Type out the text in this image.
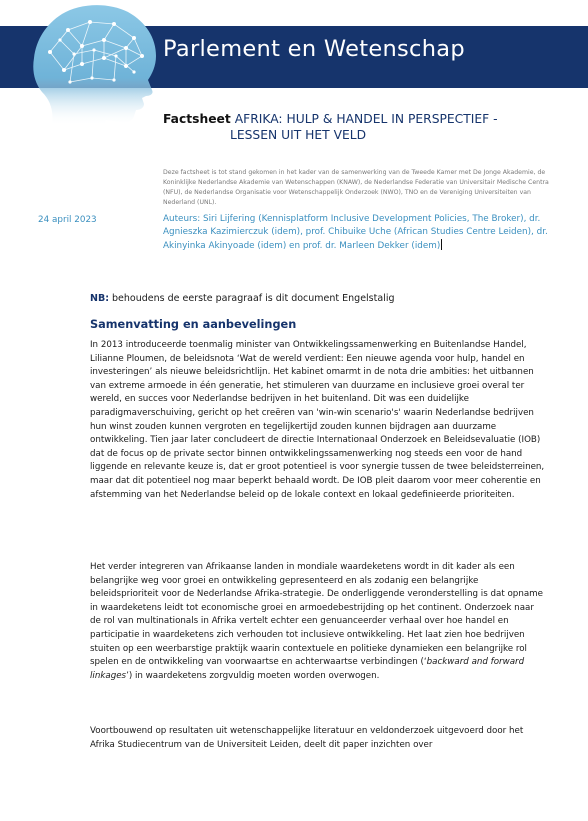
Parlement en Wetenschap
Factsheet AFRIKA: HULP & HANDEL IN PERSPECTIEF -
LESSEN UIT HET VELD
Deze factsheet is tot stand gekomen in het kader van de samenwerking van de Tweede Kamer met De Jonge Akademie, de Koninklijke Nederlandse Akademie van Wetenschappen (KNAW), de Nederlandse Federatie van Universitair Medische Centra (NFU), de Nederlandse Organisatie voor Wetenschappelijk Onderzoek (NWO), TNO en de Vereniging Universiteiten van Nederland (UNL).
24 april 2023	Auteurs: Siri Lijfering (Kennisplatform Inclusive Development Policies, The Broker), dr. Agnieszka Kazimierczuk (idem), prof. Chibuike Uche (African Studies Centre Leiden), dr. Akinyinka Akinyoade (idem) en prof. dr. Marleen Dekker (idem)
NB: behoudens de eerste paragraaf is dit document Engelstalig
Samenvatting en aanbevelingen

In 2013 introduceerde toenmalig minister van Ontwikkelingssamenwerking en Buitenlandse Handel, Lilianne Ploumen, de beleidsnota ‘Wat de wereld verdient: Een nieuwe agenda voor hulp, handel en investeringen’ als nieuwe beleidsrichtlijn. Het kabinet omarmt in de nota drie ambities: het uitbannen van extreme armoede in één generatie, het stimuleren van duurzame en inclusieve groei overal ter wereld, en succes voor Nederlandse bedrijven in het buitenland. Dit was een duidelijke paradigmaverschuiving, gericht op het creëren van 'win-win scenario's' waarin Nederlandse bedrijven hun winst zouden kunnen vergroten en tegelijkertijd zouden kunnen bijdragen aan duurzame ontwikkeling. Tien jaar later concludeert de directie Internationaal Onderzoek en Beleidsevaluatie (IOB) dat de focus op de private sector binnen ontwikkelingssamenwerking nog steeds een voor de hand liggende en relevante keuze is, dat er groot potentieel is voor synergie tussen de twee beleidsterreinen, maar dat dit potentieel nog maar beperkt behaald wordt. De IOB pleit daarom voor meer coherentie en afstemming van het Nederlandse beleid op de lokale context en lokaal gedefinieerde prioriteiten.

Het verder integreren van Afrikaanse landen in mondiale waardeketens wordt in dit kader als een belangrijke weg voor groei en ontwikkeling gepresenteerd en als zodanig een belangrijke beleidsprioriteit voor de Nederlandse Afrika-strategie. De onderliggende veronderstelling is dat opname in waardeketens leidt tot economische groei en armoedebestrijding op het continent. Onderzoek naar de rol van multinationals in Afrika vertelt echter een genuanceerder verhaal over hoe handel en participatie in waardeketens zich verhouden tot inclusieve ontwikkeling. Het laat zien hoe bedrijven stuiten op een weerbarstige praktijk waarin contextuele en politieke dynamieken een belangrijke rol spelen en de ontwikkeling van voorwaartse en achterwaartse verbindingen (‘backward and forward linkages’) in waardeketens zorgvuldig moeten worden overwogen.

Voortbouwend op resultaten uit wetenschappelijke literatuur en veldonderzoek uitgevoerd door het Afrika Studiecentrum van de Universiteit Leiden, deelt dit paper inzichten over
